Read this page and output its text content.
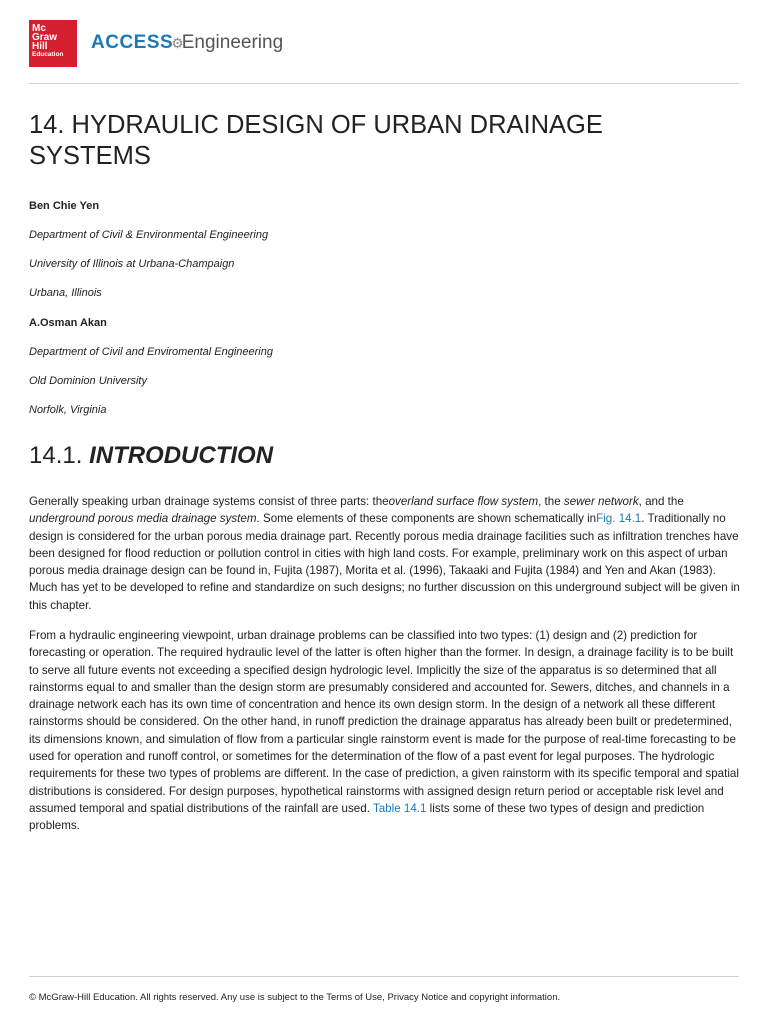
Mc
Graw
Hill
Education
ACCESS⚙Engineering
14. HYDRAULIC DESIGN OF URBAN DRAINAGE SYSTEMS
Ben Chie Yen
Department of Civil & Environmental Engineering
University of Illinois at Urbana-Champaign
Urbana, Illinois
A.Osman Akan
Department of Civil and Enviromental Engineering
Old Dominion University
Norfolk, Virginia
14.1. INTRODUCTION

Generally speaking urban drainage systems consist of three parts: theoverland surface flow system, the sewer network, and the underground porous media drainage system. Some elements of these components are shown schematically inFig. 14.1. Traditionally no design is considered for the urban porous media drainage part. Recently porous media drainage facilities such as infiltration trenches have been designed for flood reduction or pollution control in cities with high land costs. For example, preliminary work on this aspect of urban porous media drainage design can be found in, Fujita (1987), Morita et al. (1996), Takaaki and Fujita (1984) and Yen and Akan (1983). Much has yet to be developed to refine and standardize on such designs; no further discussion on this underground subject will be given in this chapter.

From a hydraulic engineering viewpoint, urban drainage problems can be classified into two types: (1) design and (2) prediction for forecasting or operation. The required hydraulic level of the latter is often higher than the former. In design, a drainage facility is to be built to serve all future events not exceeding a specified design hydrologic level. Implicitly the size of the apparatus is so determined that all rainstorms equal to and smaller than the design storm are presumably considered and accounted for. Sewers, ditches, and channels in a drainage network each has its own time of concentration and hence its own design storm. In the design of a network all these different rainstorms should be considered. On the other hand, in runoff prediction the drainage apparatus has already been built or predetermined, its dimensions known, and simulation of flow from a particular single rainstorm event is made for the purpose of real-time forecasting to be used for operation and runoff control, or sometimes for the determination of the flow of a past event for legal purposes. The hydrologic requirements for these two types of problems are different. In the case of prediction, a given rainstorm with its specific temporal and spatial distributions is considered. For design purposes, hypothetical rainstorms with assigned design return period or acceptable risk level and assumed temporal and spatial distributions of the rainfall are used. Table 14.1 lists some of these two types of design and prediction problems.

© McGraw-Hill Education. All rights reserved. Any use is subject to the Terms of Use, Privacy Notice and copyright information.
